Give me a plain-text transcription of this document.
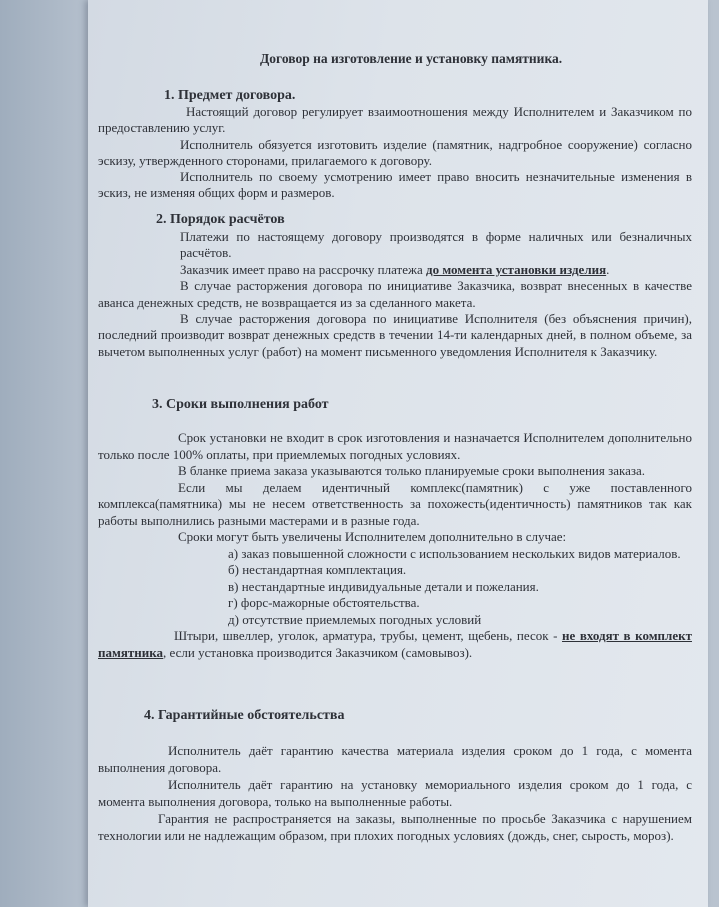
Договор на изготовление и установку памятника.
1. Предмет договора.

Настоящий договор регулирует взаимоотношения между Исполнителем и Заказчиком по предоставлению услуг.

Исполнитель обязуется изготовить изделие (памятник, надгробное сооружение) согласно эскизу, утвержденного сторонами, прилагаемого к договору.

Исполнитель по своему усмотрению имеет право вносить незначительные изменения в эскиз, не изменяя общих форм и размеров.

2. Порядок расчётов

Платежи по настоящему договору производятся в форме наличных или безналичных расчётов.

Заказчик имеет право на рассрочку платежа до момента установки изделия.

В случае расторжения договора по инициативе Заказчика, возврат внесенных в качестве аванса денежных средств, не возвращается из за сделанного макета.

В случае расторжения договора по инициативе Исполнителя (без объяснения причин), последний производит возврат денежных средств в течении 14-ти календарных дней, в полном объеме, за вычетом выполненных услуг (работ) на момент письменного уведомления Исполнителя к Заказчику.

3. Сроки выполнения работ

Срок установки не входит в срок изготовления и назначается Исполнителем дополнительно только после 100% оплаты, при приемлемых погодных условиях.

В бланке приема заказа указываются только планируемые сроки выполнения заказа.

Если мы делаем идентичный комплекс(памятник) с уже поставленного комплекса(памятника) мы не несем ответственность за похожесть(идентичность) памятников так как работы выполнились разными мастерами и в разные года.

Сроки могут быть увеличены Исполнителем дополнительно в случае:

а) заказ повышенной сложности с использованием нескольких видов материалов.

б) нестандартная комплектация.

в) нестандартные индивидуальные детали и пожелания.

г) форс-мажорные обстоятельства.

д) отсутствие приемлемых погодных условий

Штыри, швеллер, уголок, арматура, трубы, цемент, щебень, песок - не входят в комплект памятника, если установка производится Заказчиком (самовывоз).

4. Гарантийные обстоятельства

Исполнитель даёт гарантию качества материала изделия сроком до 1 года, с момента выполнения договора.

Исполнитель даёт гарантию на установку мемориального изделия сроком до 1 года, с момента выполнения договора, только на выполненные работы.

Гарантия не распространяется на заказы, выполненные по просьбе Заказчика с нарушением технологии или не надлежащим образом, при плохих погодных условиях (дождь, снег, сырость, мороз).
